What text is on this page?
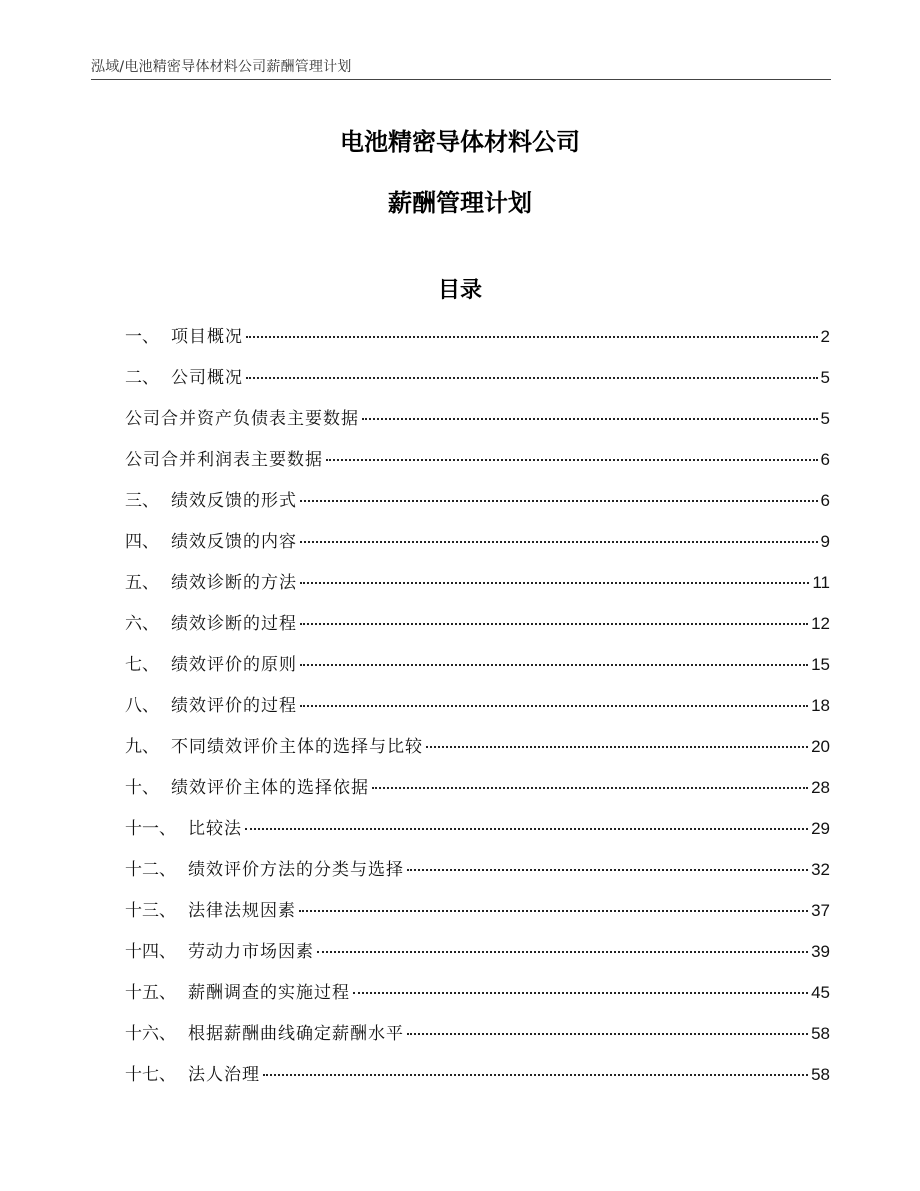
泓域/电池精密导体材料公司薪酬管理计划
电池精密导体材料公司
薪酬管理计划
目录
一、 项目概况	2
二、 公司概况	5
公司合并资产负债表主要数据	5
公司合并利润表主要数据	6
三、 绩效反馈的形式	6
四、 绩效反馈的内容	9
五、 绩效诊断的方法	11
六、 绩效诊断的过程	12
七、 绩效评价的原则	15
八、 绩效评价的过程	18
九、 不同绩效评价主体的选择与比较	20
十、 绩效评价主体的选择依据	28
十一、 比较法	29
十二、 绩效评价方法的分类与选择	32
十三、 法律法规因素	37
十四、 劳动力市场因素	39
十五、 薪酬调查的实施过程	45
十六、 根据薪酬曲线确定薪酬水平	58
十七、 法人治理	58
